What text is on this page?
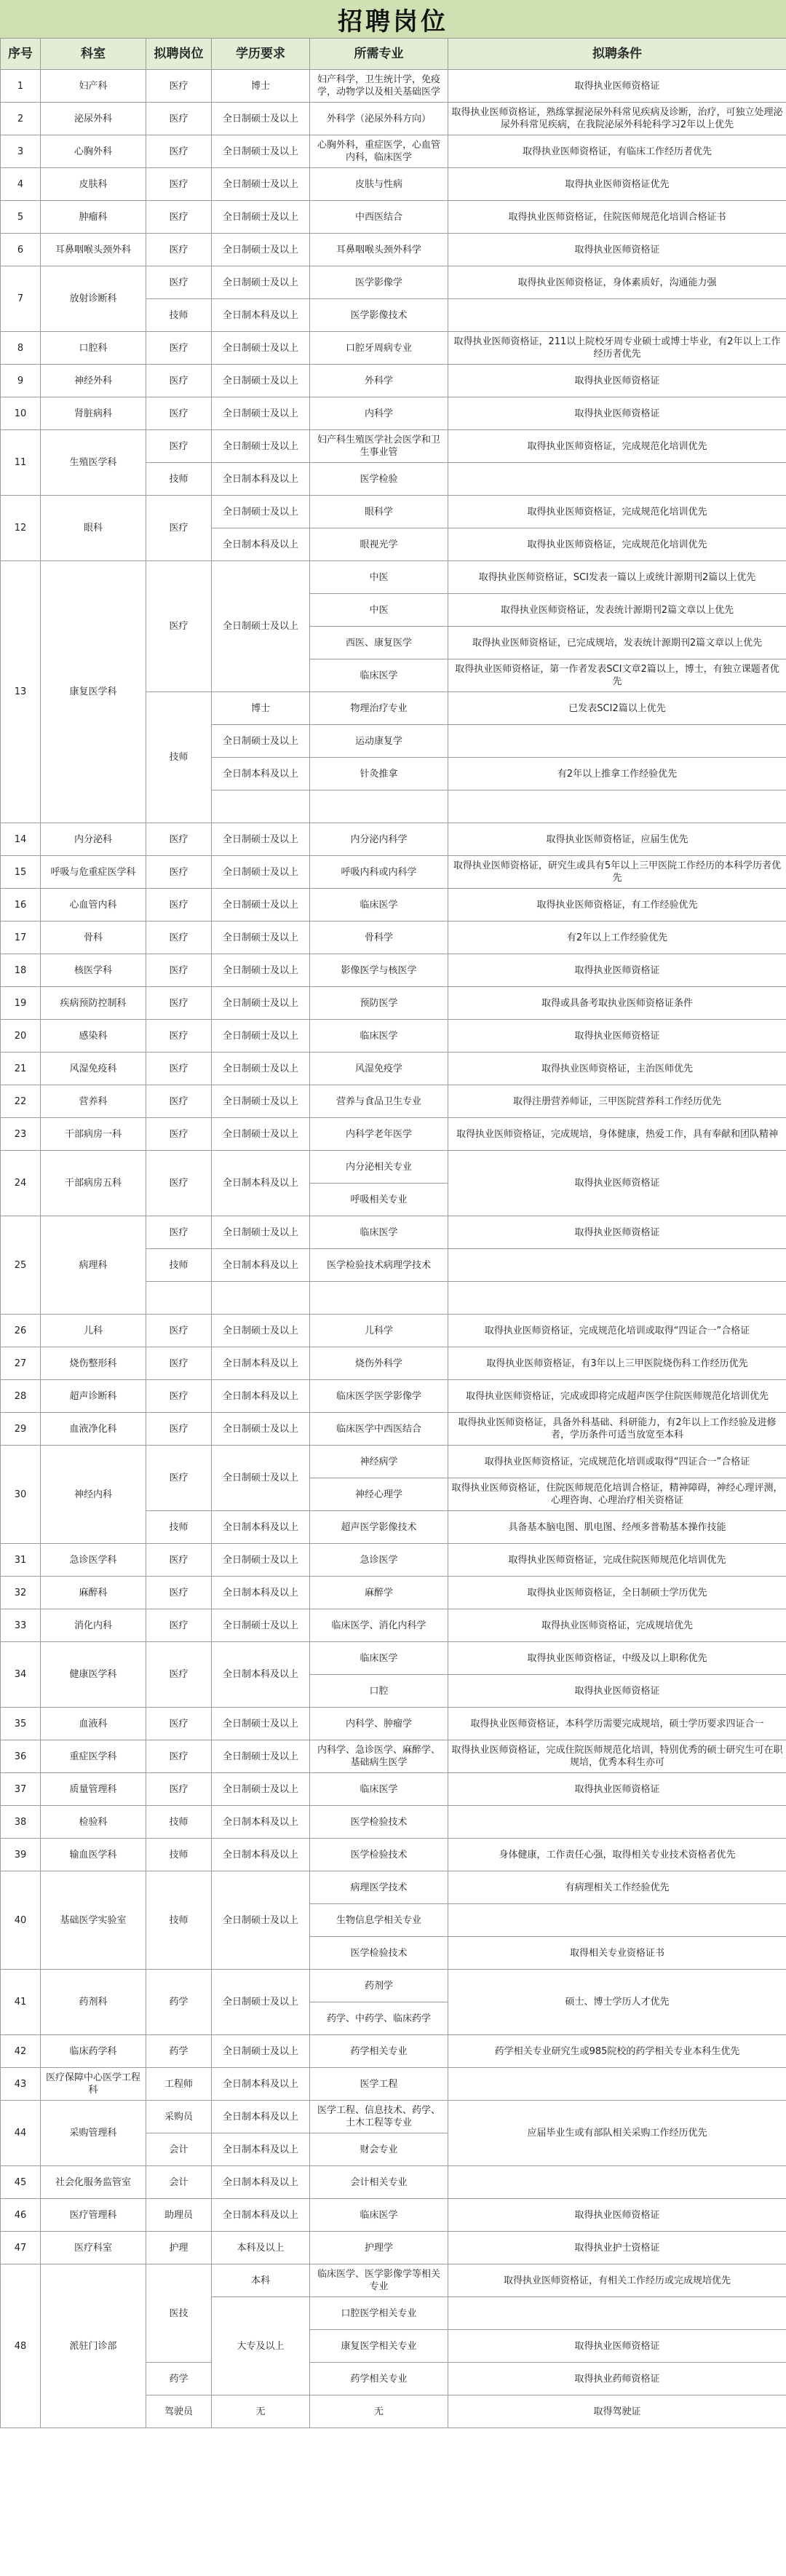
招聘岗位
序号	科室	拟聘岗位	学历要求	所需专业	拟聘条件
1	妇产科	医疗	博士	妇产科学，卫生统计学，免疫学，动物学以及相关基础医学	取得执业医师资格证
2	泌尿外科	医疗	全日制硕士及以上	外科学（泌尿外科方向）	取得执业医师资格证，熟练掌握泌尿外科常见疾病及诊断，治疗，可独立处理泌尿外科常见疾病，在我院泌尿外科轮科学习2年以上优先
3	心胸外科	医疗	全日制硕士及以上	心胸外科，重症医学，心血管内科，临床医学	取得执业医师资格证，有临床工作经历者优先
4	皮肤科	医疗	全日制硕士及以上	皮肤与性病	取得执业医师资格证优先
5	肿瘤科	医疗	全日制硕士及以上	中西医结合	取得执业医师资格证，住院医师规范化培训合格证书
6	耳鼻咽喉头颈外科	医疗	全日制硕士及以上	耳鼻咽喉头颈外科学	取得执业医师资格证
7	放射诊断科	医疗	全日制硕士及以上	医学影像学	取得执业医师资格证，身体素质好，沟通能力强
		技师	全日制本科及以上	医学影像技术	
8	口腔科	医疗	全日制硕士及以上	口腔牙周病专业	取得执业医师资格证，211以上院校牙周专业硕士或博士毕业，有2年以上工作经历者优先
9	神经外科	医疗	全日制硕士及以上	外科学	取得执业医师资格证
10	肾脏病科	医疗	全日制硕士及以上	内科学	取得执业医师资格证
11	生殖医学科	医疗	全日制硕士及以上	妇产科生殖医学社会医学和卫生事业管	取得执业医师资格证，完成规范化培训优先
		技师	全日制本科及以上	医学检验	
12	眼科	医疗	全日制硕士及以上	眼科学	取得执业医师资格证，完成规范化培训优先
			全日制本科及以上	眼视光学	取得执业医师资格证，完成规范化培训优先
13	康复医学科	医疗	全日制硕士及以上	中医	取得执业医师资格证，SCI发表一篇以上或统计源期刊2篇以上优先
				中医	取得执业医师资格证，发表统计源期刊2篇文章以上优先
				西医、康复医学	取得执业医师资格证，已完成规培，发表统计源期刊2篇文章以上优先
				临床医学	取得执业医师资格证，第一作者发表SCI文章2篇以上，博士，有独立课题者优先
		技师	博士	物理治疗专业	已发表SCI2篇以上优先
			全日制硕士及以上	运动康复学	
			全日制本科及以上	针灸推拿	有2年以上推拿工作经验优先

14	内分泌科	医疗	全日制硕士及以上	内分泌内科学	取得执业医师资格证，应届生优先
15	呼吸与危重症医学科	医疗	全日制硕士及以上	呼吸内科或内科学	取得执业医师资格证，研究生或具有5年以上三甲医院工作经历的本科学历者优先
16	心血管内科	医疗	全日制硕士及以上	临床医学	取得执业医师资格证，有工作经验优先
17	骨科	医疗	全日制硕士及以上	骨科学	有2年以上工作经验优先
18	核医学科	医疗	全日制硕士及以上	影像医学与核医学	取得执业医师资格证
19	疾病预防控制科	医疗	全日制硕士及以上	预防医学	取得或具备考取执业医师资格证条件
20	感染科	医疗	全日制硕士及以上	临床医学	取得执业医师资格证
21	风湿免疫科	医疗	全日制硕士及以上	风湿免疫学	取得执业医师资格证，主治医师优先
22	营养科	医疗	全日制硕士及以上	营养与食品卫生专业	取得注册营养师证，三甲医院营养科工作经历优先
23	干部病房一科	医疗	全日制硕士及以上	内科学老年医学	取得执业医师资格证，完成规培，身体健康，热爱工作，具有奉献和团队精神
24	干部病房五科	医疗	全日制本科及以上	内分泌相关专业	取得执业医师资格证
				呼吸相关专业	
25	病理科	医疗	全日制硕士及以上	临床医学	取得执业医师资格证
		技师	全日制本科及以上	医学检验技术病理学技术	

26	儿科	医疗	全日制硕士及以上	儿科学	取得执业医师资格证，完成规范化培训或取得“四证合一”合格证
27	烧伤整形科	医疗	全日制本科及以上	烧伤外科学	取得执业医师资格证，有3年以上三甲医院烧伤科工作经历优先
28	超声诊断科	医疗	全日制本科及以上	临床医学医学影像学	取得执业医师资格证，完成或即将完成超声医学住院医师规范化培训优先
29	血液净化科	医疗	全日制硕士及以上	临床医学中西医结合	取得执业医师资格证，具备外科基础、科研能力，有2年以上工作经验及进修者，学历条件可适当放宽至本科
30	神经内科	医疗	全日制硕士及以上	神经病学	取得执业医师资格证，完成规范化培训或取得“四证合一”合格证
				神经心理学	取得执业医师资格证，住院医师规范化培训合格证，精神障碍，神经心理评测，心理咨询、心理治疗相关资格证
		技师	全日制本科及以上	超声医学影像技术	具备基本脑电图、肌电图、经颅多普勒基本操作技能
31	急诊医学科	医疗	全日制硕士及以上	急诊医学	取得执业医师资格证，完成住院医师规范化培训优先
32	麻醉科	医疗	全日制本科及以上	麻醉学	取得执业医师资格证，全日制硕士学历优先
33	消化内科	医疗	全日制硕士及以上	临床医学、消化内科学	取得执业医师资格证，完成规培优先
34	健康医学科	医疗	全日制本科及以上	临床医学	取得执业医师资格证，中级及以上职称优先
				口腔	取得执业医师资格证
35	血液科	医疗	全日制硕士及以上	内科学、肿瘤学	取得执业医师资格证，本科学历需要完成规培，硕士学历要求四证合一
36	重症医学科	医疗	全日制硕士及以上	内科学、急诊医学、麻醉学、基础病生医学	取得执业医师资格证，完成住院医师规范化培训，特别优秀的硕士研究生可在职规培，优秀本科生亦可
37	质量管理科	医疗	全日制硕士及以上	临床医学	取得执业医师资格证
38	检验科	技师	全日制本科及以上	医学检验技术	
39	输血医学科	技师	全日制本科及以上	医学检验技术	身体健康，工作责任心强，取得相关专业技术资格者优先
40	基础医学实验室	技师	全日制硕士及以上	病理医学技术	有病理相关工作经验优先
				生物信息学相关专业	
				医学检验技术	取得相关专业资格证书
41	药剂科	药学	全日制硕士及以上	药剂学	硕士、博士学历人才优先
				药学、中药学、临床药学	
42	临床药学科	药学	全日制硕士及以上	药学相关专业	药学相关专业研究生或985院校的药学相关专业本科生优先
43	医疗保障中心医学工程科	工程师	全日制本科及以上	医学工程	
44	采购管理科	采购员	全日制本科及以上	医学工程、信息技术、药学、土木工程等专业	应届毕业生或有部队相关采购工作经历优先
		会计	全日制本科及以上	财会专业	
45	社会化服务监管室	会计	全日制本科及以上	会计相关专业	
46	医疗管理科	助理员	全日制本科及以上	临床医学	取得执业医师资格证
47	医疗科室	护理	本科及以上	护理学	取得执业护士资格证
48	派驻门诊部	医技	本科	临床医学、医学影像学等相关专业	取得执业医师资格证，有相关工作经历或完成规培优先
			大专及以上	口腔医学相关专业	
				康复医学相关专业	取得执业医师资格证
		药学		药学相关专业	取得执业药师资格证
		驾驶员	无	无	取得驾驶证
